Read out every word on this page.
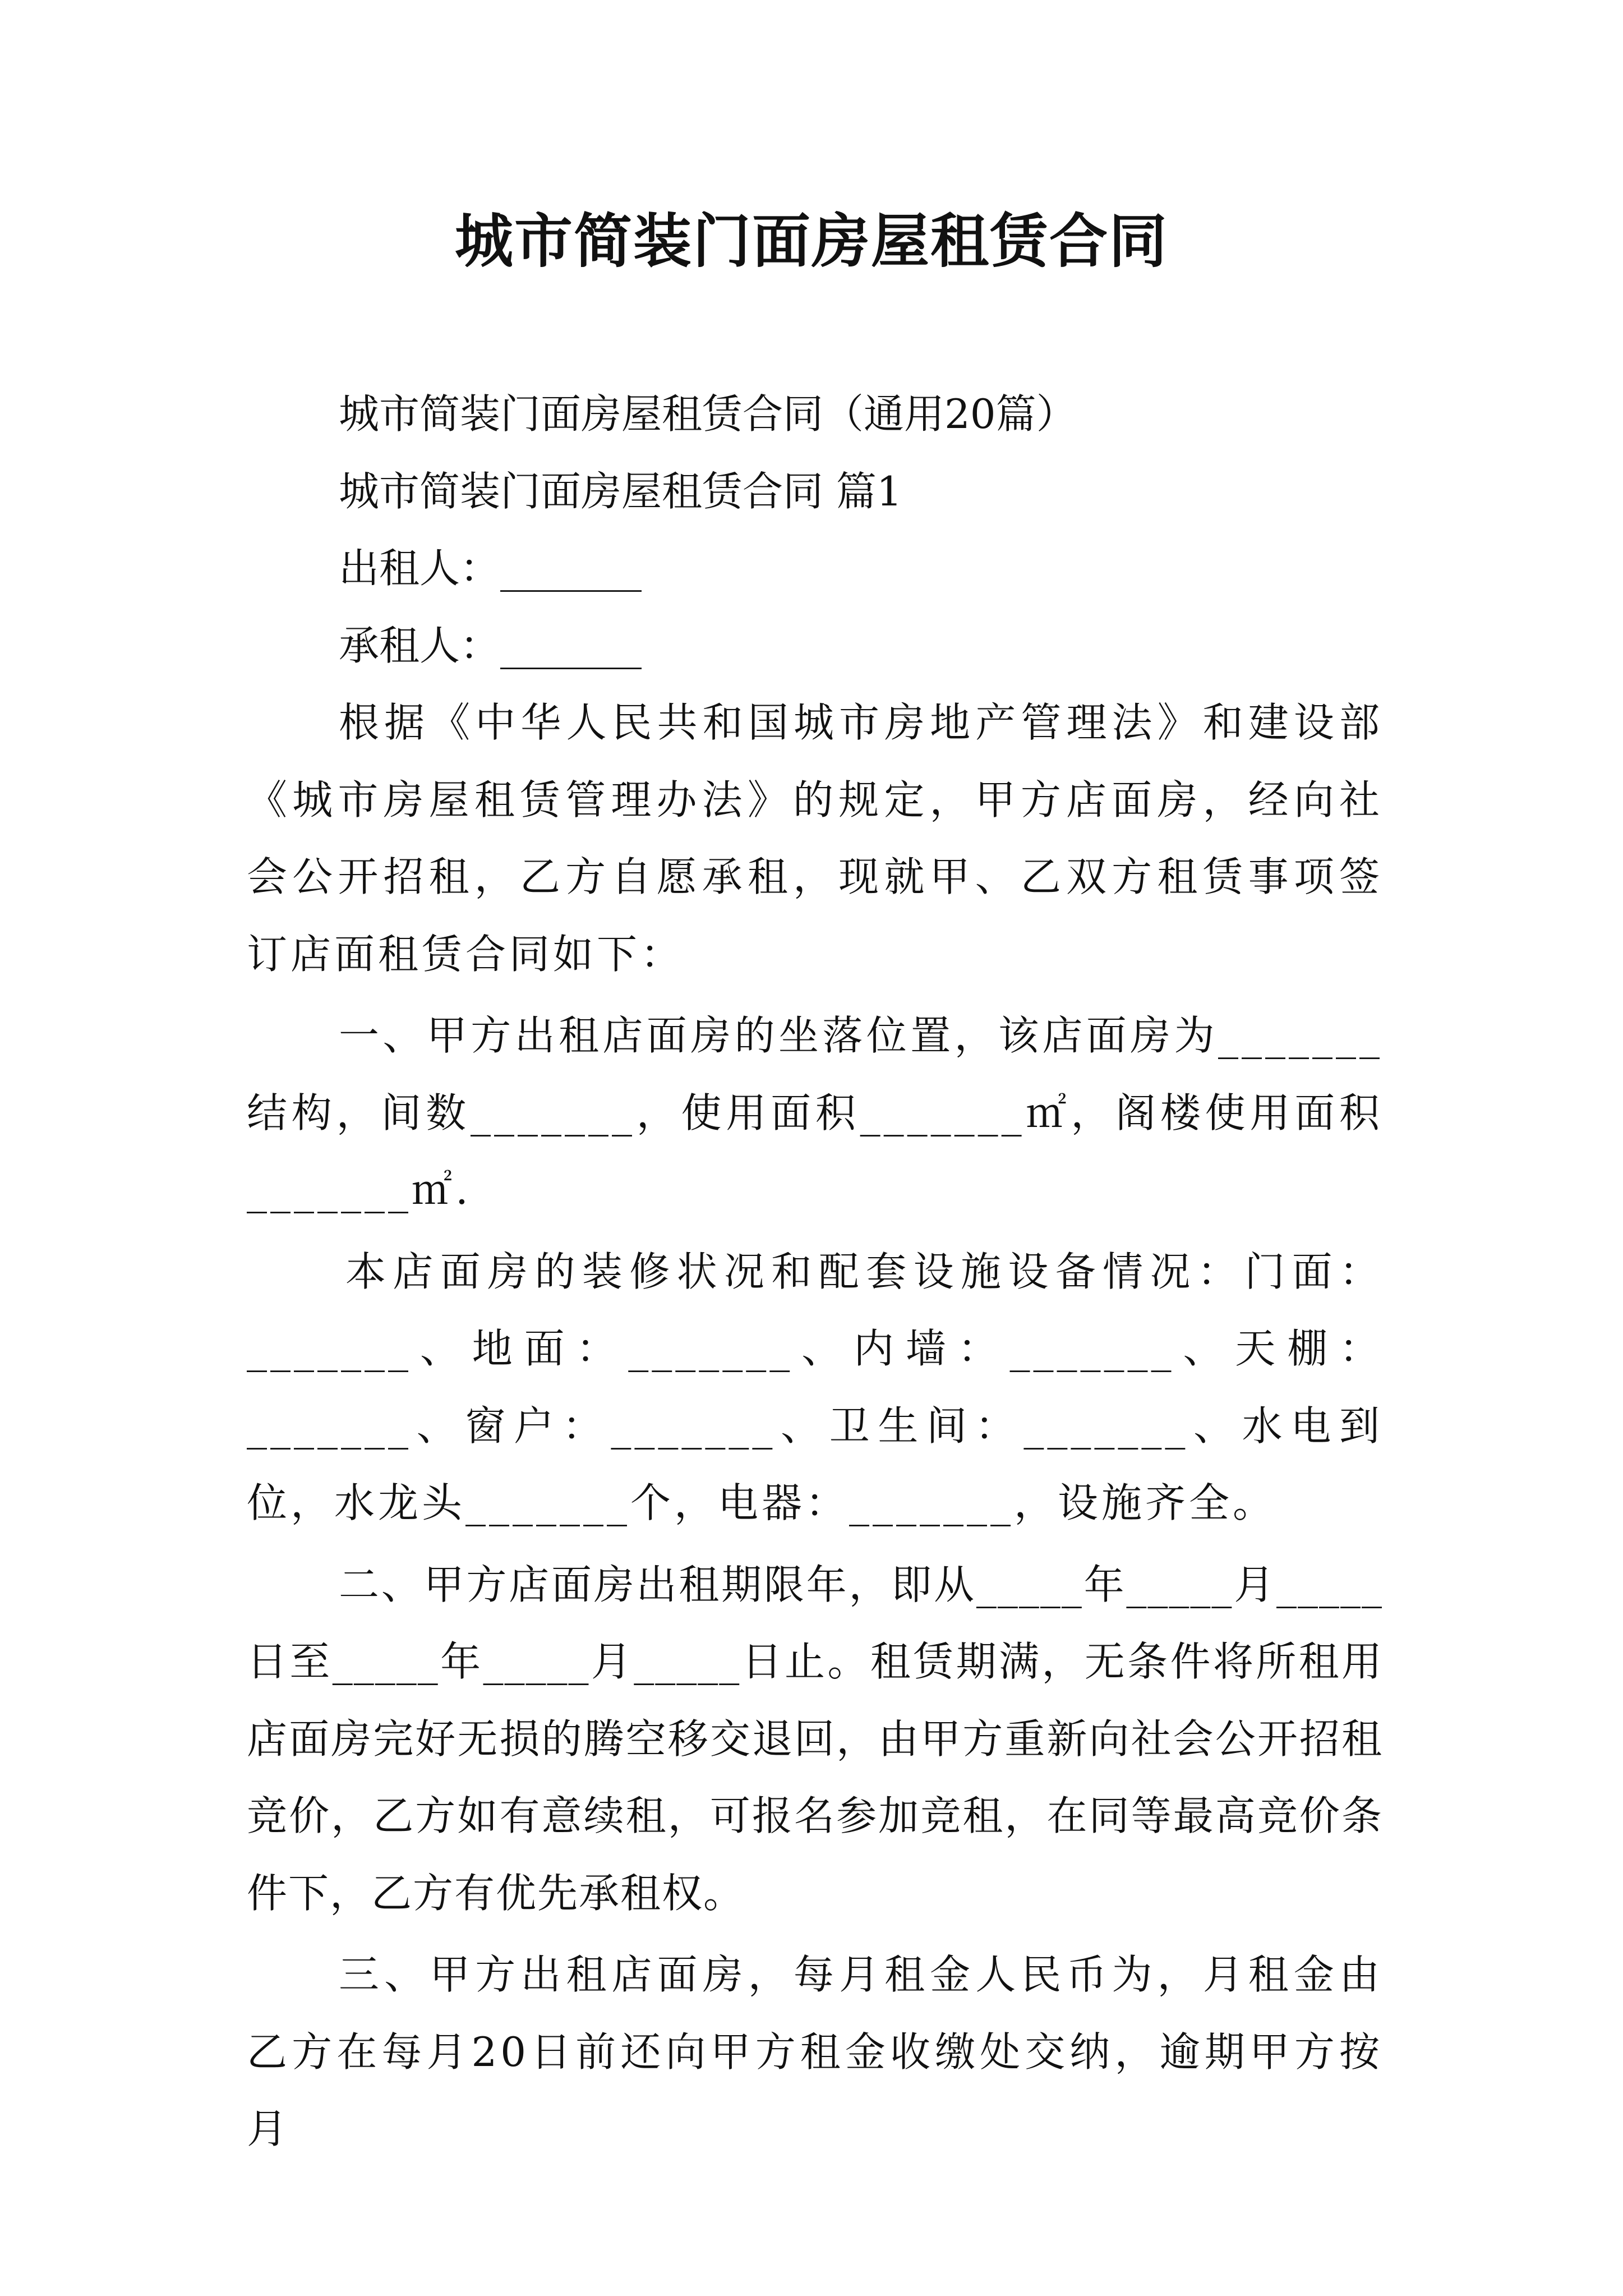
城市简装门面房屋租赁合同

城市简装门面房屋租赁合同（通用20篇）

城市简装门面房屋租赁合同 篇1

出租人：_______

承租人：_______

根据《中华人民共和国城市房地产管理法》和建设部《城市房屋租赁管理办法》的规定，甲方店面房，经向社会公开招租，乙方自愿承租，现就甲、乙双方租赁事项签订店面租赁合同如下：

一、甲方出租店面房的坐落位置，该店面房为_______结构，间数_______，使用面积_______㎡，阁楼使用面积_______㎡.

本店面房的装修状况和配套设施设备情况：门面：_______、地面：_______、内墙：_______、天棚：_______、窗户：_______、卫生间：_______、水电到位，水龙头_______个，电器：_______，设施齐全。

二、甲方店面房出租期限年，即从_____年_____月_____日至_____年_____月_____日止。租赁期满，无条件将所租用店面房完好无损的腾空移交退回，由甲方重新向社会公开招租竞价，乙方如有意续租，可报名参加竞租，在同等最高竞价条件下，乙方有优先承租权。

三、甲方出租店面房，每月租金人民币为，月租金由乙方在每月20日前还向甲方租金收缴处交纳，逾期甲方按月
